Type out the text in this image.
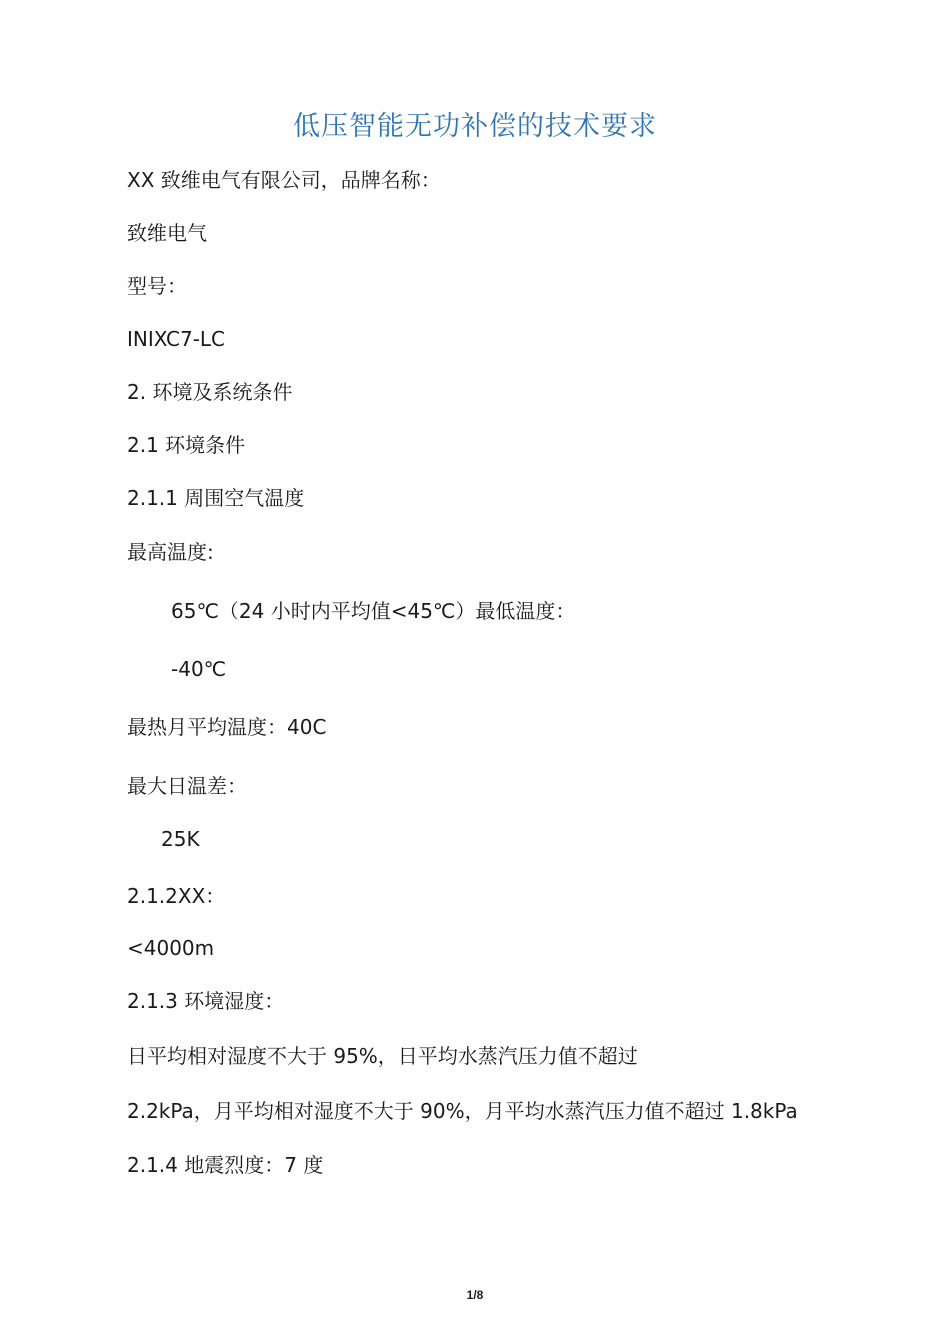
低压智能无功补偿的技术要求
XX 致维电气有限公司，品牌名称：
致维电气
型号：
INIXC7-LC
2. 环境及系统条件
2.1 环境条件
2.1.1 周围空气温度
最高温度:
65℃（24 小时内平均值<45℃）最低温度：
-40℃
最热月平均温度：40C
最大日温差：
25K
2.1.2XX：
<4000m
2.1.3 环境湿度：
日平均相对湿度不大于 95%，日平均水蒸汽压力值不超过
2.2kPa，月平均相对湿度不大于 90%，月平均水蒸汽压力值不超过 1.8kPa
2.1.4 地震烈度：7 度
1/8
